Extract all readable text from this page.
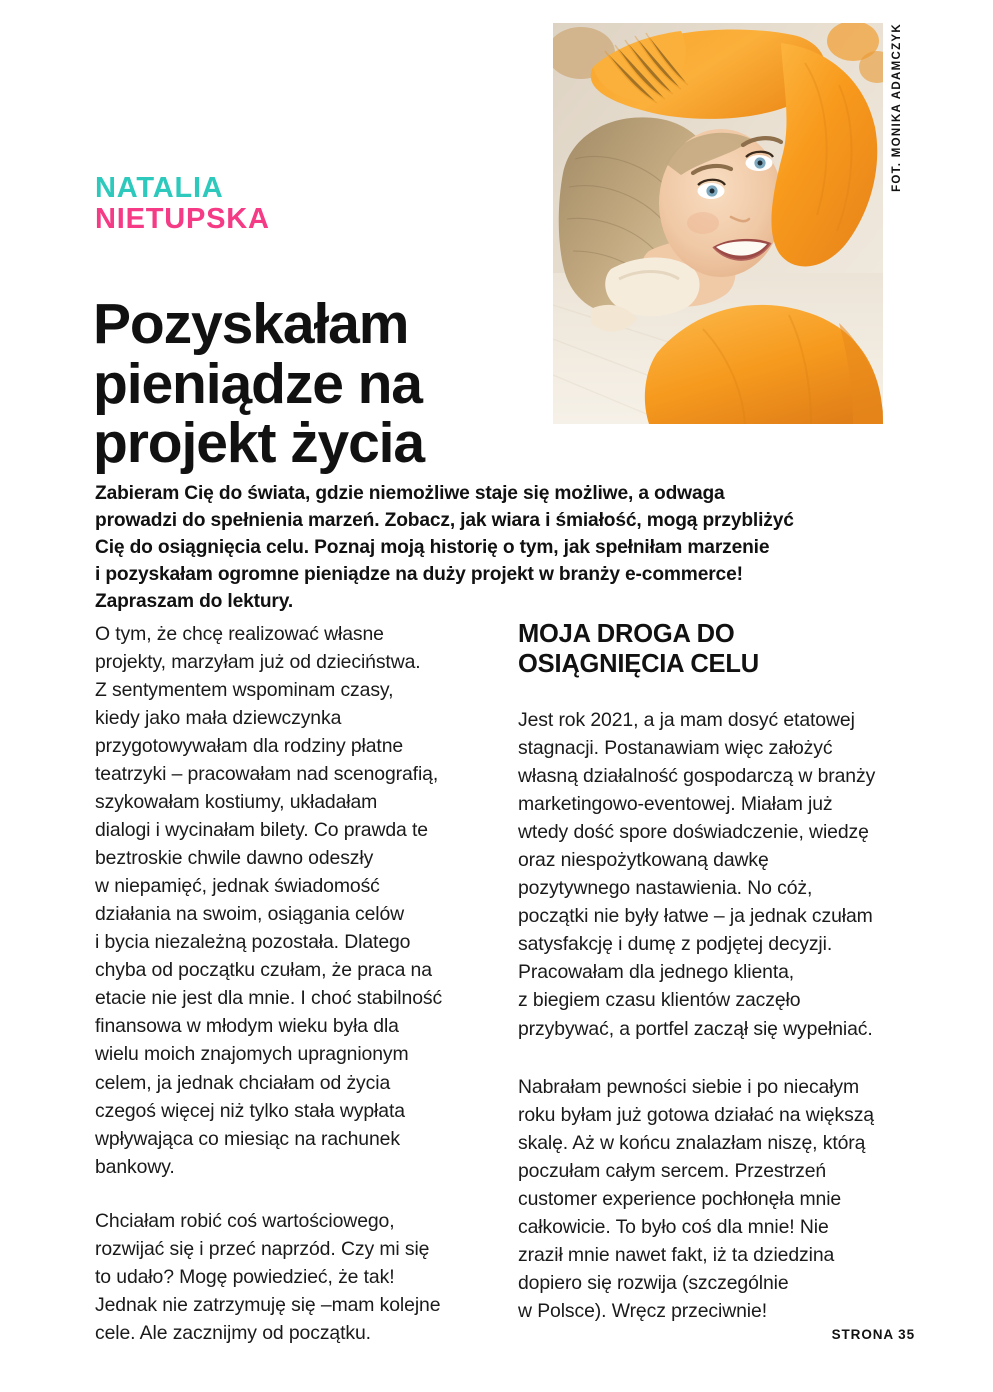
FOT. MONIKA ADAMCZYK
NATALIA
NIETUPSKA
Pozyskałam
pieniądze na
projekt życia

Zabieram Cię do świata, gdzie niemożliwe staje się możliwe, a odwaga
prowadzi do spełnienia marzeń. Zobacz, jak wiara i śmiałość, mogą przybliżyć
Cię do osiągnięcia celu. Poznaj moją historię o tym, jak spełniłam marzenie
i pozyskałam ogromne pieniądze na duży projekt w branży e-commerce!
Zapraszam do lektury.

O tym, że chcę realizować własne
projekty, marzyłam już od dzieciństwa.
Z sentymentem wspominam czasy,
kiedy jako mała dziewczynka
przygotowywałam dla rodziny płatne
teatrzyki – pracowałam nad scenografią,
szykowałam kostiumy, układałam
dialogi i wycinałam bilety. Co prawda te
beztroskie chwile dawno odeszły
w niepamięć, jednak świadomość
działania na swoim, osiągania celów
i bycia niezależną pozostała. Dlatego
chyba od początku czułam, że praca na
etacie nie jest dla mnie. I choć stabilność
finansowa w młodym wieku była dla
wielu moich znajomych upragnionym
celem, ja jednak chciałam od życia
czegoś więcej niż tylko stała wypłata
wpływająca co miesiąc na rachunek
bankowy.

Chciałam robić coś wartościowego,
rozwijać się i przeć naprzód. Czy mi się
to udało? Mogę powiedzieć, że tak!
Jednak nie zatrzymuję się –mam kolejne
cele. Ale zacznijmy od początku.

MOJA DROGA DO
OSIĄGNIĘCIA CELU

Jest rok 2021, a ja mam dosyć etatowej
stagnacji. Postanawiam więc założyć
własną działalność gospodarczą w branży
marketingowo-eventowej. Miałam już
wtedy dość spore doświadczenie, wiedzę
oraz niespożytkowaną dawkę
pozytywnego nastawienia. No cóż,
początki nie były łatwe – ja jednak czułam
satysfakcję i dumę z podjętej decyzji.
Pracowałam dla jednego klienta,
z biegiem czasu klientów zaczęło
przybywać, a portfel zaczął się wypełniać.

Nabrałam pewności siebie i po niecałym
roku byłam już gotowa działać na większą
skalę. Aż w końcu znalazłam niszę, którą
poczułam całym sercem. Przestrzeń
customer experience pochłonęła mnie
całkowicie. To było coś dla mnie! Nie
zraził mnie nawet fakt, iż ta dziedzina
dopiero się rozwija (szczególnie
w Polsce). Wręcz przeciwnie!

STRONA 35
